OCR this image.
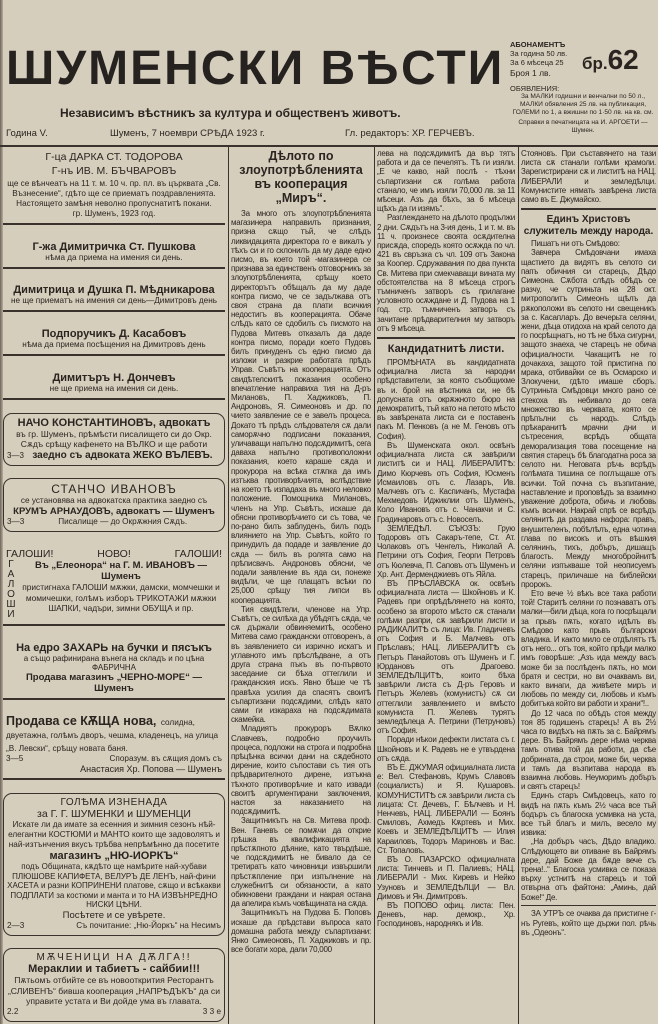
ШУМЕНСКИ ВѢСТИ
Независимъ вѣстникъ за култура и общественъ животъ.
Година V.	Шуменъ, 7 ноември СРѢДА 1923 г.	Гл. редакторъ: ХР. ГЕРЧЕВЪ.
АБОНАМЕНТЪ
За година 50 лв.
За 6 мѣсеца 25
Броя 1 лв.	бр.62
ОБЯВЛЕНИЯ:
За МАЛКИ годишни и венчални по 50 л., МАЛКИ обявления 25 лв. на публикация, ГОЛЕМИ по 1, а вжишни по 1·50 лв. на кв. см.
Справки в печатницата на И. АРГОЕТИ — Шумен.
Г-ца ДАРКА СТ. ТОДОРОВА
Г-нъ ИВ. М. БЪЧВАРОВЪ
ще се вѣнчеатъ на 11 т. м. 10 ч. пр. пл. въ църквата „Св. Възнесение“, гдѣто ще се приематъ поздравленията. Настоящето замѣня неволно пропуснатитѣ покани.
гр. Шуменъ, 1923 год.
Г-жа Димитричка Ст. Пушкова
нѣма да приема на имения си день.
Димитрица и Душка П. Мѣдникарова
не ще приематъ на имения си день—Димитровъ день
Подпоручикъ Д. Касабовъ
нѣма да приема посѣщения на Димитровъ день
Димитъръ Н. Дончевъ
не ще приема на имения си день.
НАЧО КОНСТАНТИНОВЪ, адвокатъ
въ гр. Шуменъ, прѣмѣсти писалището си до Окр. Сѫдъ срѣщу кафенето на ВЪЛКО и ще работи
3—3 заедно съ адвоката ЖЕКО ВЪЛЕВЪ.
СТАНЧО ИВАНОВЪ
се установява на адвокатска практика заедно съ
КРУМЪ АРНАУДОВЪ, адвокатъ — Шуменъ
3—3	Писалище — до Окрѫжния Сѫдъ.
ГАЛОШИ!	НОВО!	ГАЛОШИ!
ГАЛОШИ
Въ „Елеонора“ на Г. М. ИВАНОВЪ — Шуменъ
пристигнаха ГАЛОШИ мѫжки, дамски, момчешки и момичешки, голѣмъ изборъ ТРИКОТАЖИ мѫжки ШАПКИ, чадъри, зимни ОБУЩА и пр.
На едро ЗАХАРЬ на бучки и пясъкъ
а също рафинирана вънега на складъ и по цѣна ФАБРИЧНА
Продава магазинъ „ЧЕРНО-МОРЕ“ — Шуменъ
Продава се КѪЩА нова, солидна, двуетажна, голѣмъ дворъ, чешма, кладенецъ, на улица „В. Левски“, срѣщу новата баня.
3—5	Споразум. въ сѫщия домъ съ
Анастасия Хр. Попова — Шуменъ
ГОЛѢМА ИЗНЕНАДА
за Г. Г. ШУМЕНКИ и ШУМЕНЦИ
Искате ли да имате за есенния и зимния сезонъ нѣй-елегантни КОСТЮМИ и МАНТО които ще задоволятъ и най-изтънчения вкусъ трѣбва непрѣмѣнно да посетите
магазинъ „НЮ-ИОРКЪ“
подъ Общината, кѫдѣто ще намѣрите най-хубави ПЛЮШОВЕ КАПИФЕТА, ВЕЛУРЪ ДЕ ЛЕНЪ, най-фини ХАСЕТА и разни КОПРИНЕНИ платове, сѫщо и всѣкакви ПОДПЛАТИ за костюми и манта и то НА ИЗВЪНРЕДНО НИСКИ ЦѢНИ.
Посѣтете и се увѣрете.
2—3	Съ почитание: „Ню-Йоркъ“ на Несимъ
МѪЧЕНИЦИ НА ДѪЛГА!!
Мераклии и табиетъ - сайбии!!!
Пѫтьомъ отбийте се въ новооткрития Ресторантъ „СЛИВЕНЪ“ бивша кооперация „НАПРѢДЪКЪ“ да си управите устата и Ви дойде ума въ главата.
2.2	3 3 е
Дѣлото по злоупотрѣбленията въ кооперация „Миръ“.

За много отъ злоупотрѣбленията магазинера направилъ признания, призна сѫщо тъй, че слѣдъ ликвидацията директора го е викалъ у тѣхъ си и го склонилъ да му даде едно писмо, въ което той -магазинера се признава за единственъ отговорникъ за злоупотрѣбленията, срѣщу което директорътъ обѣщалъ да му даде контра писмо, че се задължава отъ своя страна да плати всичкия недостигъ въ кооперацията. Обаче слѣдъ като се сдобилъ съ писмото на Пудова Митевъ отказалъ да даде контра писмо, поради което Пудовъ билъ принуденъ съ едно писмо да изложи и разкрие работата прѣдъ Управ. Съвѣтъ на кооперацията. Отъ свидѣтелскитѣ показания особено впечатление направиха тия на Д-ръ Милановъ, П. Хаджиковъ, П. Андроновъ, Я. Симеоновъ и др. по чието заявление се е завелъ процеса. Докато тѣ прѣдъ слѣдователя сѫ дали саморѫчно подписани показания, уличаващи напълно подсѫдимитѣ, сега даваха напълно противоположни показания, което караше сѫда и прокурора на всѣка стѫпка да имъ изтъква противорѣчията, вслѣдствие на което тѣ изпадаха въ много неловко положение. Помощника Милановъ, членъ на Упр. Съвѣтъ, искаше да обясни противорѣчието си съ това, че по-рано билъ заблуденъ, билъ подъ влиянието на Упр. Съвѣтъ, който го принудилъ да подаде и заявление до сѫда — билъ въ ролята само на прѣписвачъ. Андроновъ обясни, че подали заявление въ яда си, понеже видѣли, че ще плащатъ всѣки по 25,000 срѣщу тия липси въ кооперацията.

Тия свидѣтели, членове на Упр. Съвѣтъ, се силѣха да убѣдятъ сѫда, че сѫ държали обвиняемитѣ, особено Митева само граждански отговоренъ, а въ заявлението си изрично искатъ и углавното имъ прѣслѣдване, а отъ друга страна пъкъ въ по-първото заседание си бѣха оттеглили и гражданския искъ. Явно бѣше че тѣ правѣха усилия да спасятъ своитѣ съпартизани подсѫдими, слѣдъ като сами ги изкараха на подсѫдимата скамейка.

Младиятъ прокуроръ Вѫлко Славчевъ, подробно проучилъ процеса, подложи на строга и подробна прѣцѣнка всички дани на сѫдебното дирение, които съпостави съ тия отъ прѣдварителното дирене, изтъкна тѣхното противорѣчие и като извади своитѣ аргументирани заключения, настоя за наказанието на подсѫдимитѣ.

Защитникътъ на Св. Митева проф. Вен. Ганевъ се помѫчи да открие грѣшка въ квалификацията на прѣстѫпното дѣяние, като твърдѣше, че подсѫдимитѣ не бивало да се третиратъ като чиновници извършили прѣстѫпление при изпълнение на служебнитѣ си обязаности, а като обикновени граждани и накрая остана да апелира къмъ човѣщината на сѫда.

Защитникътъ на Пудова Б. Поповъ искаше да прѣдстави въпроса като домашна работа между съпартизани: Янко Симеоновъ, П. Хаджиковъ и пр. все богати хора, дали 70,000

лева на подсѫдимитѣ да вър тятъ работа и да се печелятъ. Тѣ ги изяли. „Е че какво, най послѣ - тѣхни съпартизани сѫ голѣма работа станало, че имъ изяли 70,000 лв. за 11 мѣсеци. Азъ да бѣхъ, за 6 мѣсеца щѣхъ да ги изямъ“.

Разглеждането на дѣлото продължи 2 дни. Сѫдътъ на 3-ия день, 1 и т. м. въ 11 ч. произнесе своята осѫдителна присѫда, споредъ която осѫжда по чл. 421 въ свръзка съ чл. 109 отъ Закона за Коопер. Сдружавания по два пункта Св. Митева при смекчаващи вината му обстоятелства на 8 мѣсеца строгъ тъмниченъ затворъ съ прилагане условното осѫждане и Д. Пудова на 1 год. стр. тъмниченъ затворъ съ зачитане прѣдварителния му затворъ отъ 9 мѣсеца.

Кандидатнитѣ листи.

ПРОМѢНАТА въ кандидатната официална листа за народни прѣдставители, за която съобщихме въ и. брой на вѣстника си, не бѣ допусната отъ окрѫжното бюро на демократитѣ, тъй като на петото мѣсто въ завѣрената листа си е поставенъ пакъ М. Пенковъ (а не М. Геновъ отъ София).

Въ Шуменската окол. освѣнъ официалната листа сѫ завѣрили листитѣ си и НАЦ. ЛИБЕРАЛИТѢ: Димо Кюрчевъ отъ София, Юсменъ Исмаиловъ отъ с. Лазаръ, Ив. Малчевъ отъ с. Каспичанъ, Мустафа Мехмедовъ Иджиклии отъ Шуменъ, Коло Ивановъ отъ с. Чанакчи и С. Градинаровъ отъ с. Новоселъ.

ЗЕМЛЕДѢЛ. СЪЮЗЪ: Грую Тодоровъ отъ Сакаръ-тепе, Ст. Ат. Чолаковъ отъ Ченгелъ, Николай А. Петрини отъ София, Георги Петровъ отъ Кюлевча, П. Саповъ отъ Шуменъ и Хр. Ант. Дерменджиевъ отъ Яйла.

ВЪ ПРѢСЛАВСКА ок. освѣнъ официалната листа — Шкойновъ и К. Радевъ при опрѣдѣлянето на която, особено за второто мѣсто сѫ станали голѣми разпри, сѫ завѣрили листи и РАДИКАЛИТѢ съ лица: Ив. Гладичевъ отъ София и Б. Малчевъ отъ Прѣславъ; НАЦ. ЛИБЕРАЛИТѢ съ Петъръ Панайотовъ отъ Шуменъ и Г. Юрдановъ отъ Драгоево. ЗЕМЛЕДѢЛЦИТѢ, които бѣха завѣрили листа съ Д-ръ Геровъ и Петъръ Желевъ (комунистъ) сѫ си оттеглили заявлението и вмѣсто комуниста П. Желевъ турятъ земледѣлеца А. Петрини (Петруновъ) отъ София.

Поради нѣкои дефекти листата съ г. Шкойновъ и К. Радевъ не е утвърдена отъ сѫда.

ВЪ Е. ДЖУМАЯ официалната листа е: Вел. Стефановъ, Крумъ Славовъ (социалистъ) и Я. Кушаровъ. КОМУНИСТИТѢ сѫ завѣрили листа съ лицата: Ст. Дечевъ, Г. Бѣлчевъ и Н. Ненчевъ, НАЦ. ЛИБЕРАЛИ — Боянъ Смиловъ, Ахмедъ Кѫртевъ и Мих. Коевъ и ЗЕМЛЕДѢЛЦИТѢ — Илия Караиловъ, Тодоръ Мариновъ и Вас. Ст. Топаловъ.

ВЪ О. ПАЗАРСКО официалната листа: Тинчевъ и П. Палиевъ; НАЦ. ЛИБЕРАЛИ - Мих. Киревъ и Нейко Узуновъ и ЗЕМЛЕДѢЛЦИ — Вл. Димовъ и Ян. Димитровъ.

ВЪ ПОПОВО офиц. листа: Пен. Деневъ, нар. демокр., Хр. Господиновъ, народнякъ и Ив.

Стояновъ. При съставянето на тази листа сѫ станали голѣми крамоли. Зарегистрирани сѫ и листитѣ на НАЦ. ЛИБЕРАЛИ и земледѣлци. Комунистите нямать завѣрена листа само въ Е. Джумайско.

Единъ Христовъ служитель между народа.

Пишатъ ни отъ Смѣдово:

Завчера Смѣдовчани имаха щастието да видятъ въ селото си папъ обичния си старецъ, Дѣдо Симеона. Сѫбота слѣдъ обѣдъ се разчу, че сутриньта на 28 окт. митрополитъ Симеонъ щѣлъ да рѫкоположи въ селото ни свещеникъ за с. Касапларъ. До вечерьта селяни, жени, дѣца отидоха на край селото да го посрѣщнатъ, но тѣ не бѣха сигурни, защото знаеха, че старецъ не обича официалности. Чакащитѣ не го дочакаха, защото той пристигна по мрака, отбивайки се въ Осмарско и Злокучени, гдѣто имаше сборъ. Сутриньта Смѣдовци много рано се стекоха въ небивало до сега множество въ черквата, която се прѣпълни съ народъ. Слѣдъ прѣкаранитѣ мрачни дни и сътресения, всрѣдъ общата деморализация това посещение на святия старецъ бѣ благодатна роса за селото ни. Неговата рѣчь всрѣдъ голѣмата тишина се поглъщаше отъ всички. Той почна съ възпитание, наставление и проповѣдъ за взаимно уважение доброта, обичь и любовь къмъ всички. Накрай спрѣ се всрѣдъ селянитѣ да раздава нафора: правъ, внушителенъ, побѣлѣлъ, една чотина глава по високъ и отъ вѣшкия селянинъ, тихъ, добъръ, дишащъ благость. Между многобройнитѣ селяни изпъкваше той неописуемъ старецъ, приличаше на библейски пророкъ.

Ето вече ½ вѣкъ все така работи той! Старитѣ селяни го познаватъ отъ малки—били дѣца, кога го посрѣщали за прьвъ пѫть, когато идѣлъ въ Смѣдово като прьвъ български владика. И както мило се отдѣлятъ тѣ отъ него... отъ тоя, който прѣди малко имъ говорѣше: „Азъ ида между васъ може би за послѣденъ пѫть, но мои братя и сестри, но ви очаквамъ ви, както винаги, да живѣете миръ и любовь по между си, любовь и къмъ добитъка който ви работи и храни“!..

До 12 часа по обѣдъ стоя между тоя 85 годишенъ старецъ! А въ 2½ часа го видѣхъ на пѫть за с. Байрямъ дере. Въ Байрямъ дере нѣма черква тамъ отива той да работи, да сѣе добрината, да строи, може би, черква и тамъ да възпитава народа въ взаимна любовь. Неуморимъ добъръ и святъ старецъ!

Единъ старъ Смѣдовецъ, като го видѣ на пѫть къмъ 2½ часа все тъй бодъръ съ благоска усмивка на уста, все тъй благъ и милъ, весело му извика:

„На добъръ часъ, Дѣдо владико. Слѣдующето ви отиване въ Байрямъ дере, дай Боже да бѫде вече съ трена!..“ Благоска усмивка се показа върху устнитѣ на старецъ и той отвърна отъ файтона: „Аминь, дай Боже!“ Де.

ЗА УТРЪ се очаква да пристигне г-нъ Ругевъ, който ще държи пол. рѣчь въ „Одеонъ“.
